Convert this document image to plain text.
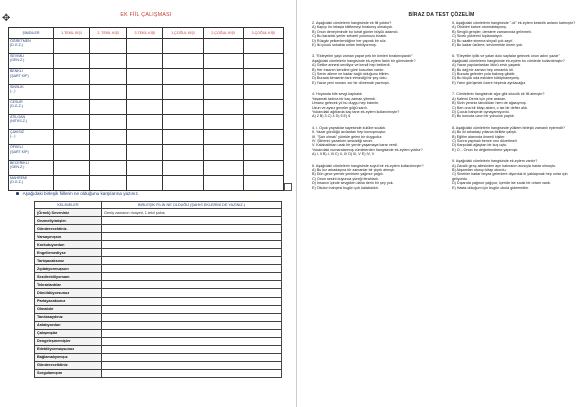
✥	EK FİİL ÇALIŞMASI
ŞİMDİLER	1.TEKİL KİŞİ	2. TEKİL KİŞİ	3.TEKİL KİŞİ	1.ÇOĞUL KİŞİ	2.ÇOĞUL KİŞİ	3.ÇOĞUL KİŞİ
ÖĞRETMEN
(D.G.Z.)						

SEVİMLİ
(GEN.Z.)						

BENKLİ
(ŞART KİP)						

SİNSLİK
(...)						

CESUR
(D.G.Z.)						

ATILGAN
(NİTKS.Z.)						

ÇAKISIZ
(...)						

ÖFKELİ
(ŞART KİP)						

BECERİKLİ
(GEN.Z.)						

MAHREMİ
(D.G.Z.)						

Aşağıdaki birleşik fiillerin ne olduğunu karşılarına yazınız.
KELİMELER	BİRLEŞİK FİLİN NE OLDUĞU (ŞAHIS EKLERİNİ DE YAZINIZ.)
(Örnek) Seveniniz	Geniş zamanın rivayeti, 1.tekil şahıs
Gezmeliyimişler.	
Gönderecektiniz.	
Varsayınışsın	
Korkutuyordun	
Engellemediyse	
Tartışacaksınız	
Zıplatıyormuşsun	
Sezdirebiliyorsam	
Tekrarlardılar	
Dönüldüyorsunuz	
Parlayacaksınız	
Olmalıdır	
Tanılasaydınız	
Anlatıyordun	
Çalışmışlar	
Dengeleşmemişler	
Edebiliyormuşsunuz	
Bağlamalıyımışız	
Göndereceiktiniz	
Sorgulamışım	
BİRAZ DA TEST ÇÖZELİM

2. Aşağıdaki cümlelerin hangisinde ek fiil yoktur?

A) Kapıyı bu telaşla kilitlemeyi bırakmış olmalıydı.

B) Onun deneyiminde bu tuhaf günler büyük adamdı.

C) Bu karanlık yerler sebzeli yolumuzu bıraktı.

D) Rüzgâr yelkenlendiğine her yaprak bir söz.

E) İki çocuk sokakta onları bekliyormuş.

3. "Ekleyelim yaşlı zaman yapar pek bir kimleri bırakmışlardır"

Aşağıdaki cümlelerin hangisinde ek-eylem farklı bir görevdedir?

A) Gelibe annesi seviliyor ve kendi hep beklerdi.

B) Her insanın kendine göre kusurları vardır.

C) Senin ailene ne kadar bağlı olduğunu bilirim.

D) Burada kimsenin fark etmediği bir şey oldu.

E) Yazar yeni romanı zor bir dönemde yazmıştı.

4. Hoyanda bile sevgi kapkaldı

Yaşamak tadına bir kaç zaman yitmedi.

Umarız gelecek yıl bu duygu hep bizimle.

Uzun ve aysız geceler göğü sardı.

Yukarıdaki ağıtlarda kaç tane ek-eylem kullanılmıştır?

A) 2 B) 3 C) 4 D) 5 E) 6

4. I. Oyuk yapraklar sayesinde kulübe sıcaktı.

II. Yazar gördüğü acılardan hep konuşmuştur.

III. "Şair olmak" yürekle gelen bir duygudur.

IV. Şiirlerini yazarken sessizliği sever.

V. Kalabalıktan uzak bir yerde yaşamaya karar verdi.

Yukarıdaki numaralanmış cümlelerden hangisinde ek-eylem yoktur?

A) I, II B) I, III C) II, IV D) III, V E) IV, V

6. Aşağıdaki cümlelerin hangisinde soyut bir ek-eylem kullanılmıştır?

A) Bu kız arkadaşına bir zamanlar bir çiçek almıştı.

B) Dün gece yemek yenirken yağmur yağdı.

C) Onun sesini duyunca yüreği ferahladı.

D) İnsanın içinde sevgiden daha derin bir şey yok.

E) Okulun bahçesi bugün çok kalabalıktı.

5. Aşağıdaki cümlelerin hangisinde "-dı" ek-eylem kesinlik anlamı katmıştır?

A) Öbürleri kahve oturmaktaymış.

B) Sevgili gençler, derslere zamanında gelinmeli.

C) Sinek yüklerini toplamalıydı.

D) Bu saatte sinema sinyali çok zayıf.

E) Bu kadar üzülme, sevinmekte önem yok.

6. "Eleyelim iyilik ve yalan dolu sayfalar gelecek onun adını yazar"

Aşağıdaki cümlelerin hangisinde ek-eylem bu cümlede kullanılmıştır?

A) Yazar yapılanlardan ötürü zevk yaşardı.

B) Bu dağ bir zaman hep ormanlık idi.

C) Burada gelenler yola bakmış gibidir.

D) Bu küçük oda eskiden kütüphaneymiş.

E) Yarın görüşmek üzere hepimiz ayrılacağız.

7. Cümlelerin hangisinde ağız gibi sözcük ek fiil almıştır?

A) Kalemi Deniz için yine aranan.

B) Sizin yeniniz tanıdıkları hem de ağasıymış.

C) Ben ona bir kitap aldım, o ise bir defter aldı.

D) Çocuk bahçede oynayamıyordu.

E) Bu konuda uzun bir yolculuk yaptık.

8. Aşağıdaki cümlelerin hangisinde yüklem birleşik zamanlı eylemdir?

A) Bu iki arkadaşı yıllarca birlikte çalıştı.

B) Eğitim alanında önemli kişiler.

C) Sonra yapmalı bence onu düzeltmeli.

D) Karşıdaki ağaçtan bir kuş uçtu.

E) O... Onun bu değerlendirme yapmıştı.

9. Aşağıdaki cümlelerin hangisinde ek-eylem vardır?

A) Zavallı genç ailesinden ayrı kalmanın acısıyla hasta olmuştu.

B) Akşamları oturup kitap okurdu.

C) Sinekler kadar beyaz gelenlere diyorduk ki yaklaşmak hep onlar için geliyordu.

D) Dışarıda yağmur yağıyor, içeride ise sıcak bir ortam vardı.

E) Hasta olduğum için bugün okula gidemedim.
